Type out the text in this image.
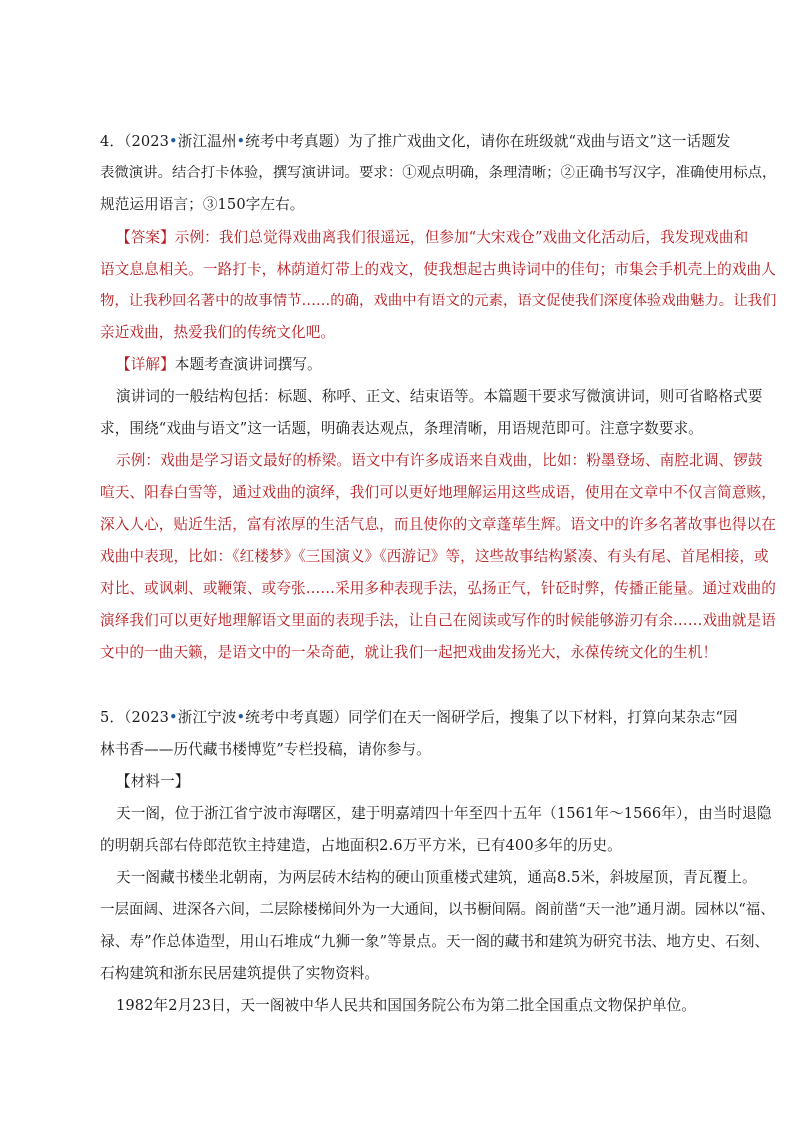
4．（2023•浙江温州•统考中考真题）为了推广戏曲文化，请你在班级就“戏曲与语文”这一话题发
表微演讲。结合打卡体验，撰写演讲词。要求：①观点明确，条理清晰；②正确书写汉字，准确使用标点，
规范运用语言；③150字左右。
【答案】示例：我们总觉得戏曲离我们很遥远，但参加“大宋戏仓”戏曲文化活动后，我发现戏曲和
语文息息相关。一路打卡，林荫道灯带上的戏文，使我想起古典诗词中的佳句；市集会手机壳上的戏曲人
物，让我秒回名著中的故事情节……的确，戏曲中有语文的元素，语文促使我们深度体验戏曲魅力。让我们
亲近戏曲，热爱我们的传统文化吧。
【详解】本题考查演讲词撰写。
演讲词的一般结构包括：标题、称呼、正文、结束语等。本篇题干要求写微演讲词，则可省略格式要
求，围绕“戏曲与语文”这一话题，明确表达观点，条理清晰，用语规范即可。注意字数要求。
示例：戏曲是学习语文最好的桥梁。语文中有许多成语来自戏曲，比如：粉墨登场、南腔北调、锣鼓
喧天、阳春白雪等，通过戏曲的演绎，我们可以更好地理解运用这些成语，使用在文章中不仅言简意赅，
深入人心，贴近生活，富有浓厚的生活气息，而且使你的文章蓬荜生辉。语文中的许多名著故事也得以在
戏曲中表现，比如：《红楼梦》《三国演义》《西游记》等，这些故事结构紧凑、有头有尾、首尾相接，或
对比、或讽刺、或鞭策、或夸张……采用多种表现手法，弘扬正气，针砭时弊，传播正能量。通过戏曲的
演绎我们可以更好地理解语文里面的表现手法，让自己在阅读或写作的时候能够游刃有余……戏曲就是语
文中的一曲天籁，是语文中的一朵奇葩，就让我们一起把戏曲发扬光大，永葆传统文化的生机！
5．（2023•浙江宁波•统考中考真题）同学们在天一阁研学后，搜集了以下材料，打算向某杂志“园
林书香——历代藏书楼博览”专栏投稿，请你参与。
【材料一】
天一阁，位于浙江省宁波市海曙区，建于明嘉靖四十年至四十五年（1561年～1566年），由当时退隐
的明朝兵部右侍郎范钦主持建造，占地面积2.6万平方米，已有400多年的历史。
天一阁藏书楼坐北朝南，为两层砖木结构的硬山顶重楼式建筑，通高8.5米，斜坡屋顶，青瓦覆上。
一层面阔、进深各六间，二层除楼梯间外为一大通间，以书橱间隔。阁前凿“天一池”通月湖。园林以“福、
禄、寿”作总体造型，用山石堆成“九狮一象”等景点。天一阁的藏书和建筑为研究书法、地方史、石刻、
石构建筑和浙东民居建筑提供了实物资料。
1982年2月23日，天一阁被中华人民共和国国务院公布为第二批全国重点文物保护单位。
